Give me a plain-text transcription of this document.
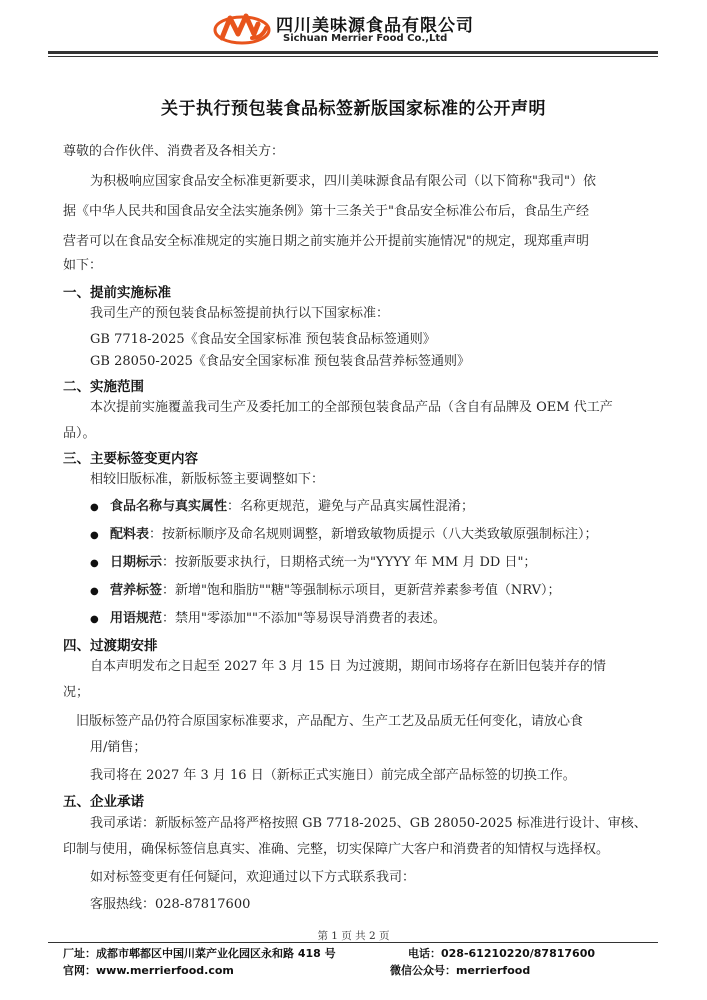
四川美味源食品有限公司
Sichuan Merrier Food Co.,Ltd
关于执行预包装食品标签新版国家标准的公开声明
尊敬的合作伙伴、消费者及各相关方：
为积极响应国家食品安全标准更新要求，四川美味源食品有限公司（以下简称"我司"）依
据《中华人民共和国食品安全法实施条例》第十三条关于"食品安全标准公布后，食品生产经
营者可以在食品安全标准规定的实施日期之前实施并公开提前实施情况"的规定，现郑重声明
如下：
一、提前实施标准
我司生产的预包装食品标签提前执行以下国家标准：
GB 7718-2025《食品安全国家标准 预包装食品标签通则》
GB 28050-2025《食品安全国家标准 预包装食品营养标签通则》
二、实施范围
本次提前实施覆盖我司生产及委托加工的全部预包装食品产品（含自有品牌及 OEM 代工产
品）。
三、主要标签变更内容
相较旧版标准，新版标签主要调整如下：
● 食品名称与真实属性：名称更规范，避免与产品真实属性混淆；
● 配料表：按新标顺序及命名规则调整，新增致敏物质提示（八大类致敏原强制标注）；
● 日期标示：按新版要求执行，日期格式统一为"YYYY 年 MM 月 DD 日"；
● 营养标签：新增"饱和脂肪""糖"等强制标示项目，更新营养素参考值（NRV）；
● 用语规范：禁用"零添加""不添加"等易误导消费者的表述。
四、过渡期安排
自本声明发布之日起至 2027 年 3 月 15 日 为过渡期，期间市场将存在新旧包装并存的情
况；
旧版标签产品仍符合原国家标准要求，产品配方、生产工艺及品质无任何变化，请放心食
用/销售；
我司将在 2027 年 3 月 16 日（新标正式实施日）前完成全部产品标签的切换工作。
五、企业承诺
我司承诺：新版标签产品将严格按照 GB 7718-2025、GB 28050-2025 标准进行设计、审核、
印制与使用，确保标签信息真实、准确、完整，切实保障广大客户和消费者的知情权与选择权。
如对标签变更有任何疑问，欢迎通过以下方式联系我司：
客服热线：028-87817600
第 1 页 共 2 页
厂址：成都市郫都区中国川菜产业化园区永和路 418 号	电话：028-61210220/87817600
官网：www.merrierfood.com	微信公众号：merrierfood
